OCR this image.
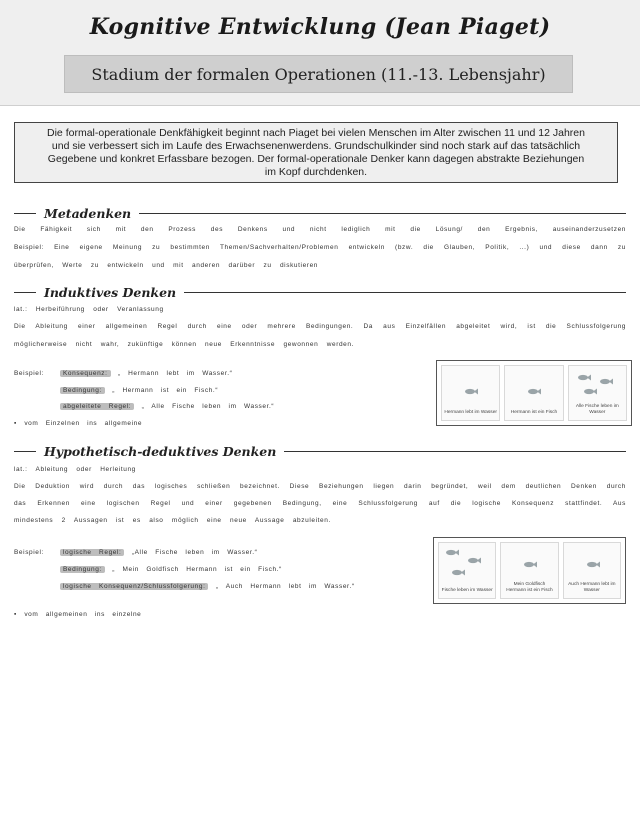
Kognitive Entwicklung (Jean Piaget)
Stadium der formalen Operationen (11.-13. Lebensjahr)
Die formal-operationale Denkfähigkeit beginnt nach Piaget bei vielen Menschen im Alter zwischen 11 und 12 Jahren
und sie verbessert sich im Laufe des Erwachsenenwerdens. Grundschulkinder sind noch stark auf das tatsächlich
Gegebene und konkret Erfassbare bezogen. Der formal-operationale Denker kann dagegen abstrakte Beziehungen
im Kopf durchdenken.
Metadenken
Die Fähigkeit sich mit den Prozess des Denkens und nicht lediglich mit die Lösung/ den Ergebnis, auseinanderzusetzen
Beispiel: Eine eigene Meinung zu bestimmten Themen/Sachverhalten/Problemen entwickeln (bzw. die Glauben, Politik, ...) und diese dann zu
überprüfen, Werte zu entwickeln und mit anderen darüber zu diskutieren
Induktives Denken
lat.: Herbeiführung oder Veranlassung
Die Ableitung einer allgemeinen Regel durch eine oder mehrere Bedingungen. Da aus Einzelfällen abgeleitet wird, ist die Schlussfolgerung
möglicherweise nicht wahr, zukünftige können neue Erkenntnisse gewonnen werden.
Beispiel:	Konsequenz: „ Hermann lebt im Wasser.“
Bedingung: „ Hermann ist ein Fisch.“
abgeleitete Regel: „ Alle Fische leben im Wasser.“
▪ vom Einzelnen ins allgemeine
Hermann lebt im Wasser	Hermann ist ein Fisch
Alle Fische leben im Wasser
Hypothetisch-deduktives Denken
lat.: Ableitung oder Herleitung
Die Deduktion wird durch das logisches schließen bezeichnet. Diese Beziehungen liegen darin begründet, weil dem deutlichen Denken durch
das Erkennen eine logischen Regel und einer gegebenen Bedingung, eine Schlussfolgerung auf die logische Konsequenz stattfindet. Aus
mindestens 2 Aussagen ist es also möglich eine neue Aussage abzuleiten.
Beispiel:	logische Regel: „Alle Fische leben im Wasser.“
Bedingung: „ Mein Goldfisch Hermann ist ein Fisch.“
logische Konsequenz/Schlussfolgerung: „ Auch Hermann lebt im Wasser.“
▪ vom allgemeinen ins einzelne
Fische leben im Wasser
Mein Goldfisch Hermann ist ein Fisch
Auch Hermann lebt im Wasser
